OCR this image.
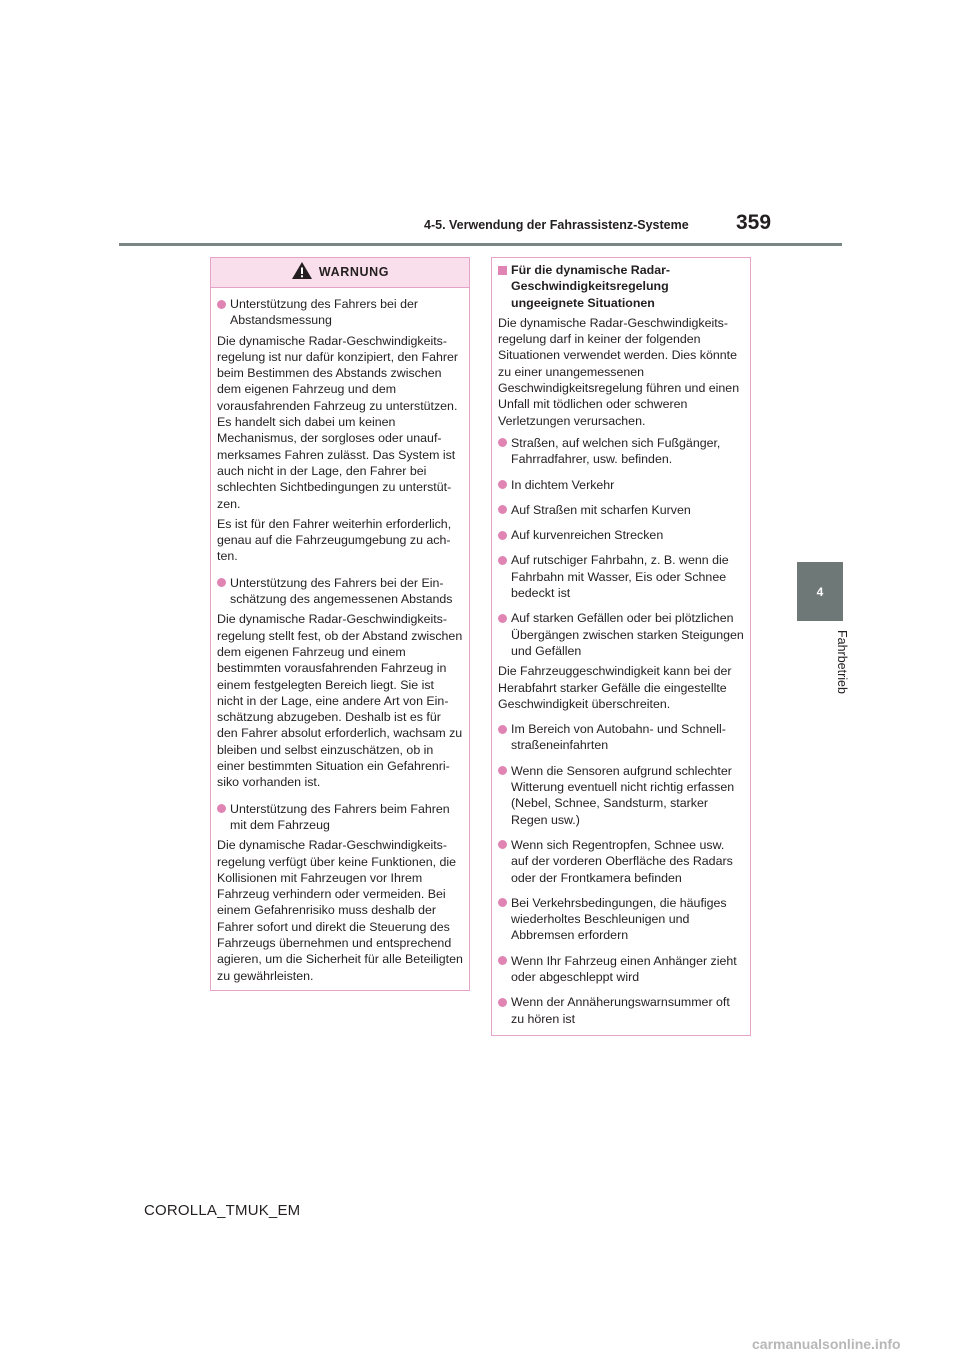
4-5. Verwendung der Fahrassistenz-Systeme 359
4
Fahrbetrieb
WARNUNG
Unterstützung des Fahrers bei der Abstandsmessung
Die dynamische Radar-Geschwindigkeitsregelung ist nur dafür konzipiert, den Fahrer beim Bestimmen des Abstands zwischen dem eigenen Fahrzeug und dem vorausfahrenden Fahrzeug zu unterstützen. Es handelt sich dabei um keinen Mechanismus, der sorgloses oder unaufmerksames Fahren zulässt. Das System ist auch nicht in der Lage, den Fahrer bei schlechten Sichtbedingungen zu unterstützen.
Es ist für den Fahrer weiterhin erforderlich, genau auf die Fahrzeugumgebung zu achten.
Unterstützung des Fahrers bei der Einschätzung des angemessenen Abstands
Die dynamische Radar-Geschwindigkeitsregelung stellt fest, ob der Abstand zwischen dem eigenen Fahrzeug und einem bestimmten vorausfahrenden Fahrzeug in einem festgelegten Bereich liegt. Sie ist nicht in der Lage, eine andere Art von Einschätzung abzugeben. Deshalb ist es für den Fahrer absolut erforderlich, wachsam zu bleiben und selbst einzuschätzen, ob in einer bestimmten Situation ein Gefahrenrisiko vorhanden ist.
Unterstützung des Fahrers beim Fahren mit dem Fahrzeug
Die dynamische Radar-Geschwindigkeitsregelung verfügt über keine Funktionen, die Kollisionen mit Fahrzeugen vor Ihrem Fahrzeug verhindern oder vermeiden. Bei einem Gefahrenrisiko muss deshalb der Fahrer sofort und direkt die Steuerung des Fahrzeugs übernehmen und entsprechend agieren, um die Sicherheit für alle Beteiligten zu gewährleisten.
Für die dynamische Radar-Geschwindigkeitsregelung ungeeignete Situationen
Die dynamische Radar-Geschwindigkeitsregelung darf in keiner der folgenden Situationen verwendet werden. Dies könnte zu einer unangemessenen Geschwindigkeitsregelung führen und einen Unfall mit tödlichen oder schweren Verletzungen verursachen.
Straßen, auf welchen sich Fußgänger, Fahrradfahrer, usw. befinden.
In dichtem Verkehr
Auf Straßen mit scharfen Kurven
Auf kurvenreichen Strecken
Auf rutschiger Fahrbahn, z. B. wenn die Fahrbahn mit Wasser, Eis oder Schnee bedeckt ist
Auf starken Gefällen oder bei plötzlichen Übergängen zwischen starken Steigungen und Gefällen
Die Fahrzeuggeschwindigkeit kann bei der Herabfahrt starker Gefälle die eingestellte Geschwindigkeit überschreiten.
Im Bereich von Autobahn- und Schnellstraßeneinfahrten
Wenn die Sensoren aufgrund schlechter Witterung eventuell nicht richtig erfassen (Nebel, Schnee, Sandsturm, starker Regen usw.)
Wenn sich Regentropfen, Schnee usw. auf der vorderen Oberfläche des Radars oder der Frontkamera befinden
Bei Verkehrsbedingungen, die häufiges wiederholtes Beschleunigen und Abbremsen erfordern
Wenn Ihr Fahrzeug einen Anhänger zieht oder abgeschleppt wird
Wenn der Annäherungswarnsummer oft zu hören ist
COROLLA_TMUK_EM
carmanualsonline.info
